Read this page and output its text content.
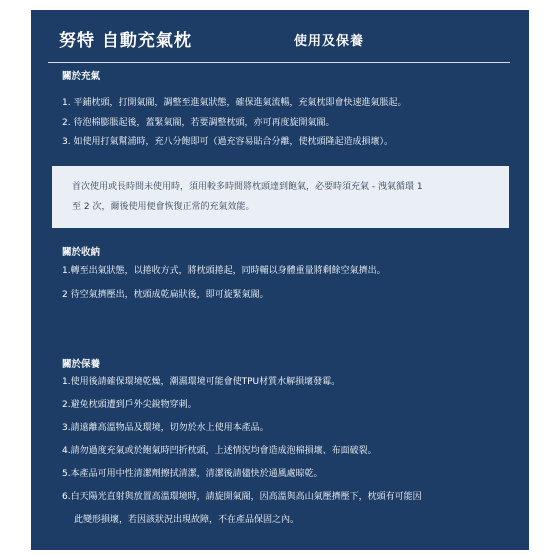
努特 自動充氣枕	使用及保養
關於充氣
1. 平鋪枕頭，打開氣閥，調整至進氣狀態，確保進氣流暢，充氣枕即會快速進氣脹起。
2. 待泡棉膨脹起後，蓋緊氣閥，若要調整枕頭，亦可再度旋開氣閥。
3. 如使用打氣幫浦時，充八分飽即可（過充容易貼合分離，使枕頭隆起造成損壞）。
首次使用或長時間未使用時，須用較多時間將枕頭達到飽氣，必要時須充氣 - 洩氣循環 1
至 2 次，爾後使用便會恢復正常的充氣效能。
關於收納
1.轉至出氣狀態，以捲收方式，將枕頭捲起，同時輔以身體重量將剩餘空氣擠出。
2 待空氣擠壓出，枕頭成乾扁狀後，即可旋緊氣閥。
關於保養
1.使用後請確保環境乾燥，潮濕環境可能會使TPU材質水解損壞發霉。
2.避免枕頭遭到戶外尖銳物穿刺。
3.請遠離高溫物品及環境，切勿於水上使用本產品。
4.請勿過度充氣或於飽氣時凹折枕頭，上述情況均會造成泡棉損壞、布面破裂。
5.本產品可用中性清潔劑擦拭清潔，清潔後請儘快於通風處晾乾。
6.白天陽光直射與放置高溫環境時，請旋開氣閥，因高溫與高山氣壓擠壓下，枕頭有可能因
此變形損壞，若因該狀況出現故障，不在產品保固之內。
